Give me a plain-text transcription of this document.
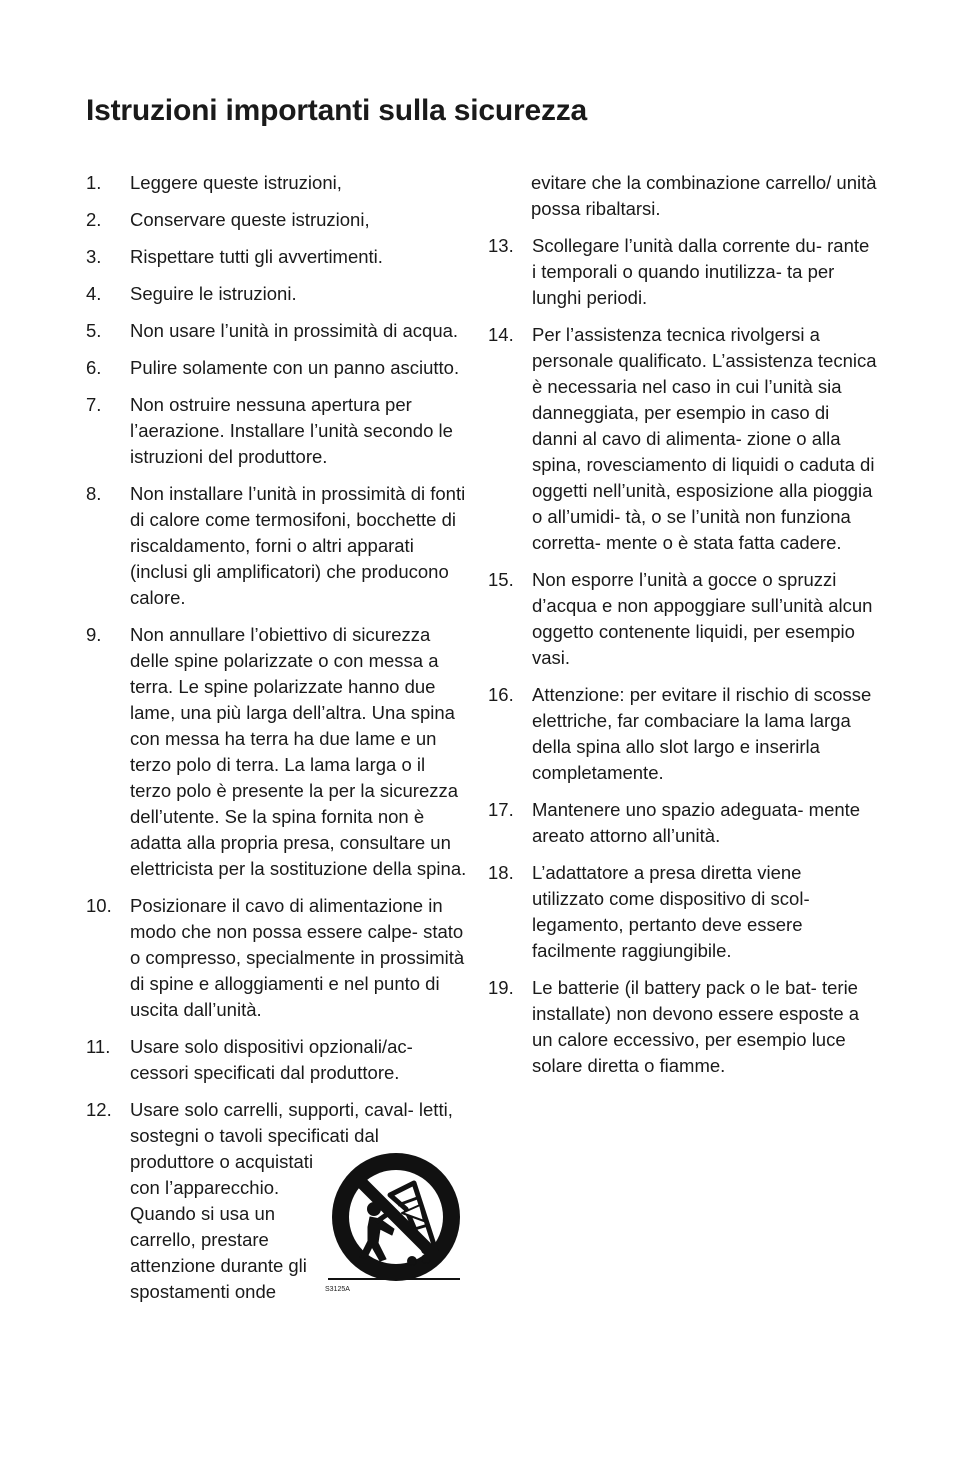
Istruzioni importanti sulla sicurezza
1. Leggere queste istruzioni,
2. Conservare queste istruzioni,
3. Rispettare tutti gli avvertimenti.
4. Seguire le istruzioni.
5. Non usare l’unità in prossimità di acqua.
6. Pulire solamente con un panno asciutto.
7. Non ostruire nessuna apertura per l’aerazione. Installare l’unità secondo le istruzioni del produttore.
8. Non installare l’unità in prossimità di fonti di calore come termosifoni, bocchette di riscaldamento, forni o altri apparati (inclusi gli amplificatori) che producono calore.
9. Non annullare l’obiettivo di sicurezza delle spine polarizzate o con messa a terra. Le spine polarizzate hanno due lame, una più larga dell’altra. Una spina con messa ha terra ha due lame e un terzo polo di terra. La lama larga o il terzo polo è presente la per la sicurezza dell’utente. Se la spina fornita non è adatta alla propria presa, consultare un elettricista per la sostituzione della spina.
10. Posizionare il cavo di alimentazione in modo che non possa essere calpe- stato o compresso, specialmente in prossimità di spine e alloggiamenti e nel punto di uscita dall’unità.
11. Usare solo dispositivi opzionali/ac- cessori specificati dal produttore.
12. Usare solo carrelli, supporti, caval- letti, sostegni o tavoli specificati dal
produttore o acquistati con l’apparecchio. Quando si usa un carrello, prestare attenzione durante gli spostamenti onde	S3125A
evitare che la combinazione carrello/ unità possa ribaltarsi.
13. Scollegare l’unità dalla corrente du- rante i temporali o quando inutilizza- ta per lunghi periodi.
14. Per l’assistenza tecnica rivolgersi a personale qualificato. L’assistenza tecnica è necessaria nel caso in cui l’unità sia danneggiata, per esempio in caso di danni al cavo di alimenta- zione o alla spina, rovesciamento di liquidi o caduta di oggetti nell’unità, esposizione alla pioggia o all’umidi- tà, o se l’unità non funziona corretta- mente o è stata fatta cadere.
15. Non esporre l’unità a gocce o spruzzi d’acqua e non appoggiare sull’unità alcun oggetto contenente liquidi, per esempio vasi.
16. Attenzione: per evitare il rischio di scosse elettriche, far combaciare la lama larga della spina allo slot largo e inserirla completamente.
17. Mantenere uno spazio adeguata- mente areato attorno all’unità.
18. L’adattatore a presa diretta viene utilizzato come dispositivo di scol- legamento, pertanto deve essere facilmente raggiungibile.
19. Le batterie (il battery pack o le bat- terie installate) non devono essere esposte a un calore eccessivo, per esempio luce solare diretta o fiamme.
